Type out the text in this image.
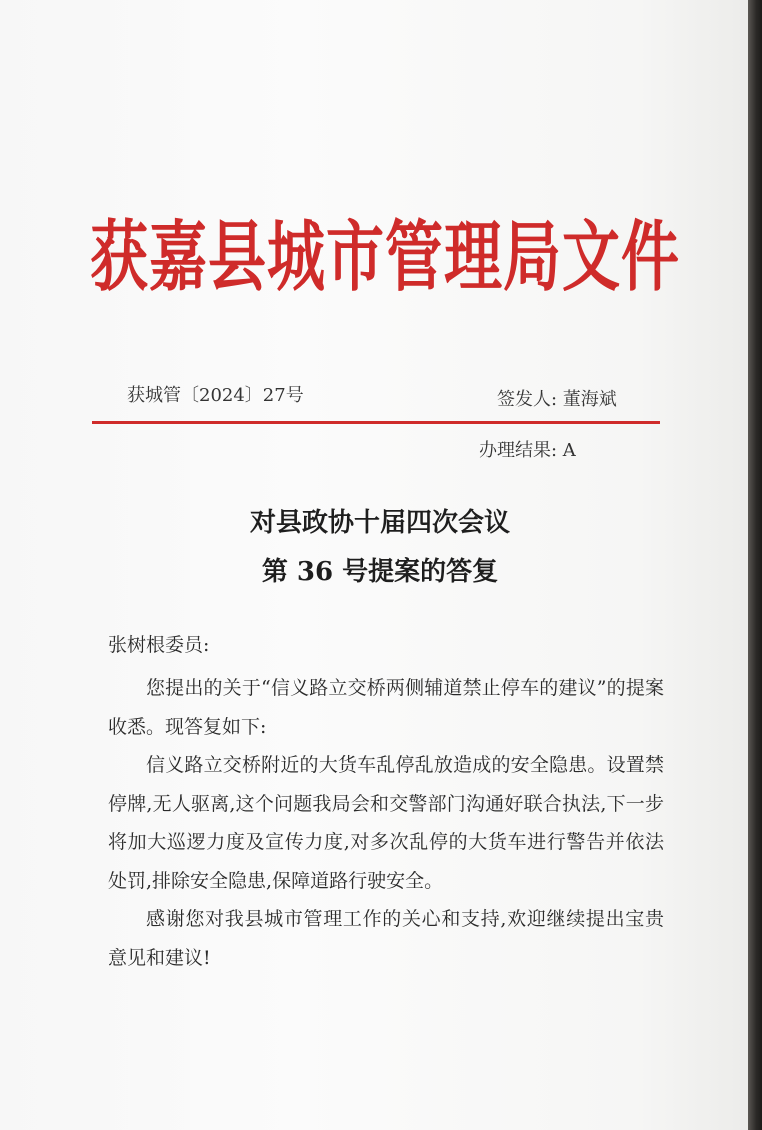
获嘉县城市管理局文件
获城管〔2024〕27号	签发人: 董海斌
办理结果: A
对县政协十届四次会议
第 36 号提案的答复
张树根委员:

您提出的关于“信义路立交桥两侧辅道禁止停车的建议”的提案收悉。现答复如下:

信义路立交桥附近的大货车乱停乱放造成的安全隐患。设置禁停牌,无人驱离,这个问题我局会和交警部门沟通好联合执法,下一步将加大巡逻力度及宣传力度,对多次乱停的大货车进行警告并依法处罚,排除安全隐患,保障道路行驶安全。

感谢您对我县城市管理工作的关心和支持,欢迎继续提出宝贵意见和建议!
